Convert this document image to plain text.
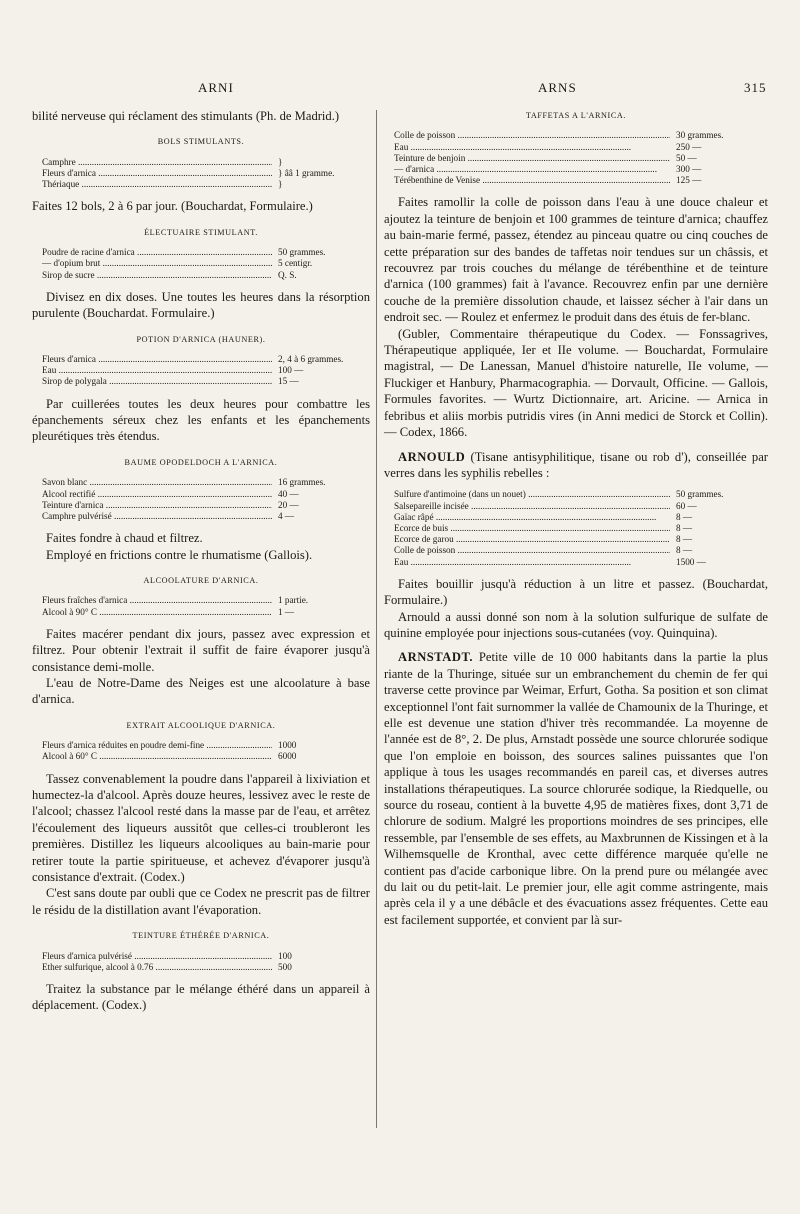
ARNI	ARNS	315

bilité nerveuse qui réclament des stimulants (Ph. de Madrid.)

BOLS STIMULANTS.
Camphre .....	}
Fleurs d'arnica .....	} ââ 1 gramme.
Thériaque .....	}

Faites 12 bols, 2 à 6 par jour. (Bouchardat, Formulaire.)

ÉLECTUAIRE STIMULANT.
Poudre de racine d'arnica .....	50 grammes.
— d'opium brut .....	5 centigr.
Sirop de sucre .....	Q. S.

Divisez en dix doses. Une toutes les heures dans la résorption purulente (Bouchardat. Formulaire.)

POTION D'ARNICA (HAUNER).
Fleurs d'arnica .....	2, 4 à 6 grammes.
Eau .....	100 —
Sirop de polygala .....	15 —

Par cuillerées toutes les deux heures pour combattre les épanchements séreux chez les enfants et les épanchements pleurétiques très étendus.

BAUME OPODELDOCH A L'ARNICA.
Savon blanc .....	16 grammes.
Alcool rectifié .....	40 —
Teinture d'arnica .....	20 —
Camphre pulvérisé .....	4 —

Faites fondre à chaud et filtrez.

Employé en frictions contre le rhumatisme (Gallois).

ALCOOLATURE D'ARNICA.
Fleurs fraîches d'arnica .....	1 partie.
Alcool à 90° C .....	1 —

Faites macérer pendant dix jours, passez avec expression et filtrez. Pour obtenir l'extrait il suffit de faire évaporer jusqu'à consistance demi-molle.

L'eau de Notre-Dame des Neiges est une alcoolature à base d'arnica.

EXTRAIT ALCOOLIQUE D'ARNICA.
Fleurs d'arnica réduites en poudre demi-fine .....	1000
Alcool à 60° C .....	6000

Tassez convenablement la poudre dans l'appareil à lixiviation et humectez-la d'alcool. Après douze heures, lessivez avec le reste de l'alcool; chassez l'alcool resté dans la masse par de l'eau, et arrêtez l'écoulement des liqueurs aussitôt que celles-ci troubleront les premières. Distillez les liqueurs alcooliques au bain-marie pour retirer toute la partie spiritueuse, et achevez d'évaporer jusqu'à consistance d'extrait. (Codex.)

C'est sans doute par oubli que ce Codex ne prescrit pas de filtrer le résidu de la distillation avant l'évaporation.

TEINTURE ÉTHÉRÉE D'ARNICA.
Fleurs d'arnica pulvérisé .....	100
Ether sulfurique, alcool à 0.76 .....	500

Traitez la substance par le mélange éthéré dans un appareil à déplacement. (Codex.)

TAFFETAS A L'ARNICA.
Colle de poisson .....	30 grammes.
Eau .....	250 —
Teinture de benjoin .....	50 —
— d'arnica .....	300 —
Térébenthine de Venise .....	125 —

Faites ramollir la colle de poisson dans l'eau à une douce chaleur et ajoutez la teinture de benjoin et 100 grammes de teinture d'arnica; chauffez au bain-marie fermé, passez, étendez au pinceau quatre ou cinq couches de cette préparation sur des bandes de taffetas noir tendues sur un châssis, et recouvrez par trois couches du mélange de térébenthine et de teinture d'arnica (100 grammes) fait à l'avance. Recouvrez enfin par une dernière couche de la première dissolution chaude, et laissez sécher à l'air dans un endroit sec. — Roulez et enfermez le produit dans des étuis de fer-blanc.

(Gubler, Commentaire thérapeutique du Codex. — Fonssagrives, Thérapeutique appliquée, Ier et IIe volume. — Bouchardat, Formulaire magistral, — De Lanessan, Manuel d'histoire naturelle, IIe volume, — Fluckiger et Hanbury, Pharmacographia. — Dorvault, Officine. — Gallois, Formules favorites. — Wurtz Dictionnaire, art. Aricine. — Arnica in febribus et aliis morbis putridis vires (in Anni medici de Storck et Collin). — Codex, 1866.

ARNOULD (Tisane antisyphilitique, tisane ou rob d'), conseillée par verres dans les syphilis rebelles :

Sulfure d'antimoine (dans un nouet) .....	50 grammes.
Salsepareille incisée .....	60 —
Gaïac râpé .....	8 —
Ecorce de buis .....	8 —
Ecorce de garou .....	8 —
Colle de poisson .....	8 —
Eau .....	1500 —

Faites bouillir jusqu'à réduction à un litre et passez. (Bouchardat, Formulaire.)

Arnould a aussi donné son nom à la solution sulfurique de sulfate de quinine employée pour injections sous-cutanées (voy. Quinquina).

ARNSTADT. Petite ville de 10 000 habitants dans la partie la plus riante de la Thuringe, située sur un embranchement du chemin de fer qui traverse cette province par Weimar, Erfurt, Gotha. Sa position et son climat exceptionnel l'ont fait surnommer la vallée de Chamounix de la Thuringe, et elle est devenue une station d'hiver très recommandée. La moyenne de l'année est de 8°, 2. De plus, Arnstadt possède une source chlorurée sodique que l'on emploie en boisson, des sources salines puissantes que l'on applique à tous les usages recommandés en pareil cas, et diverses autres installations thérapeutiques. La source chlorurée sodique, la Riedquelle, ou source du roseau, contient à la buvette 4,95 de matières fixes, dont 3,71 de chlorure de sodium. Malgré les proportions moindres de ses principes, elle ressemble, par l'ensemble de ses effets, au Maxbrunnen de Kissingen et à la Wilhemsquelle de Kronthal, avec cette différence marquée qu'elle ne contient pas d'acide carbonique libre. On la prend pure ou mélangée avec du lait ou du petit-lait. Le premier jour, elle agit comme astringente, mais après cela il y a une débâcle et des évacuations assez fréquentes. Cette eau est facilement supportée, et convient par là sur-
